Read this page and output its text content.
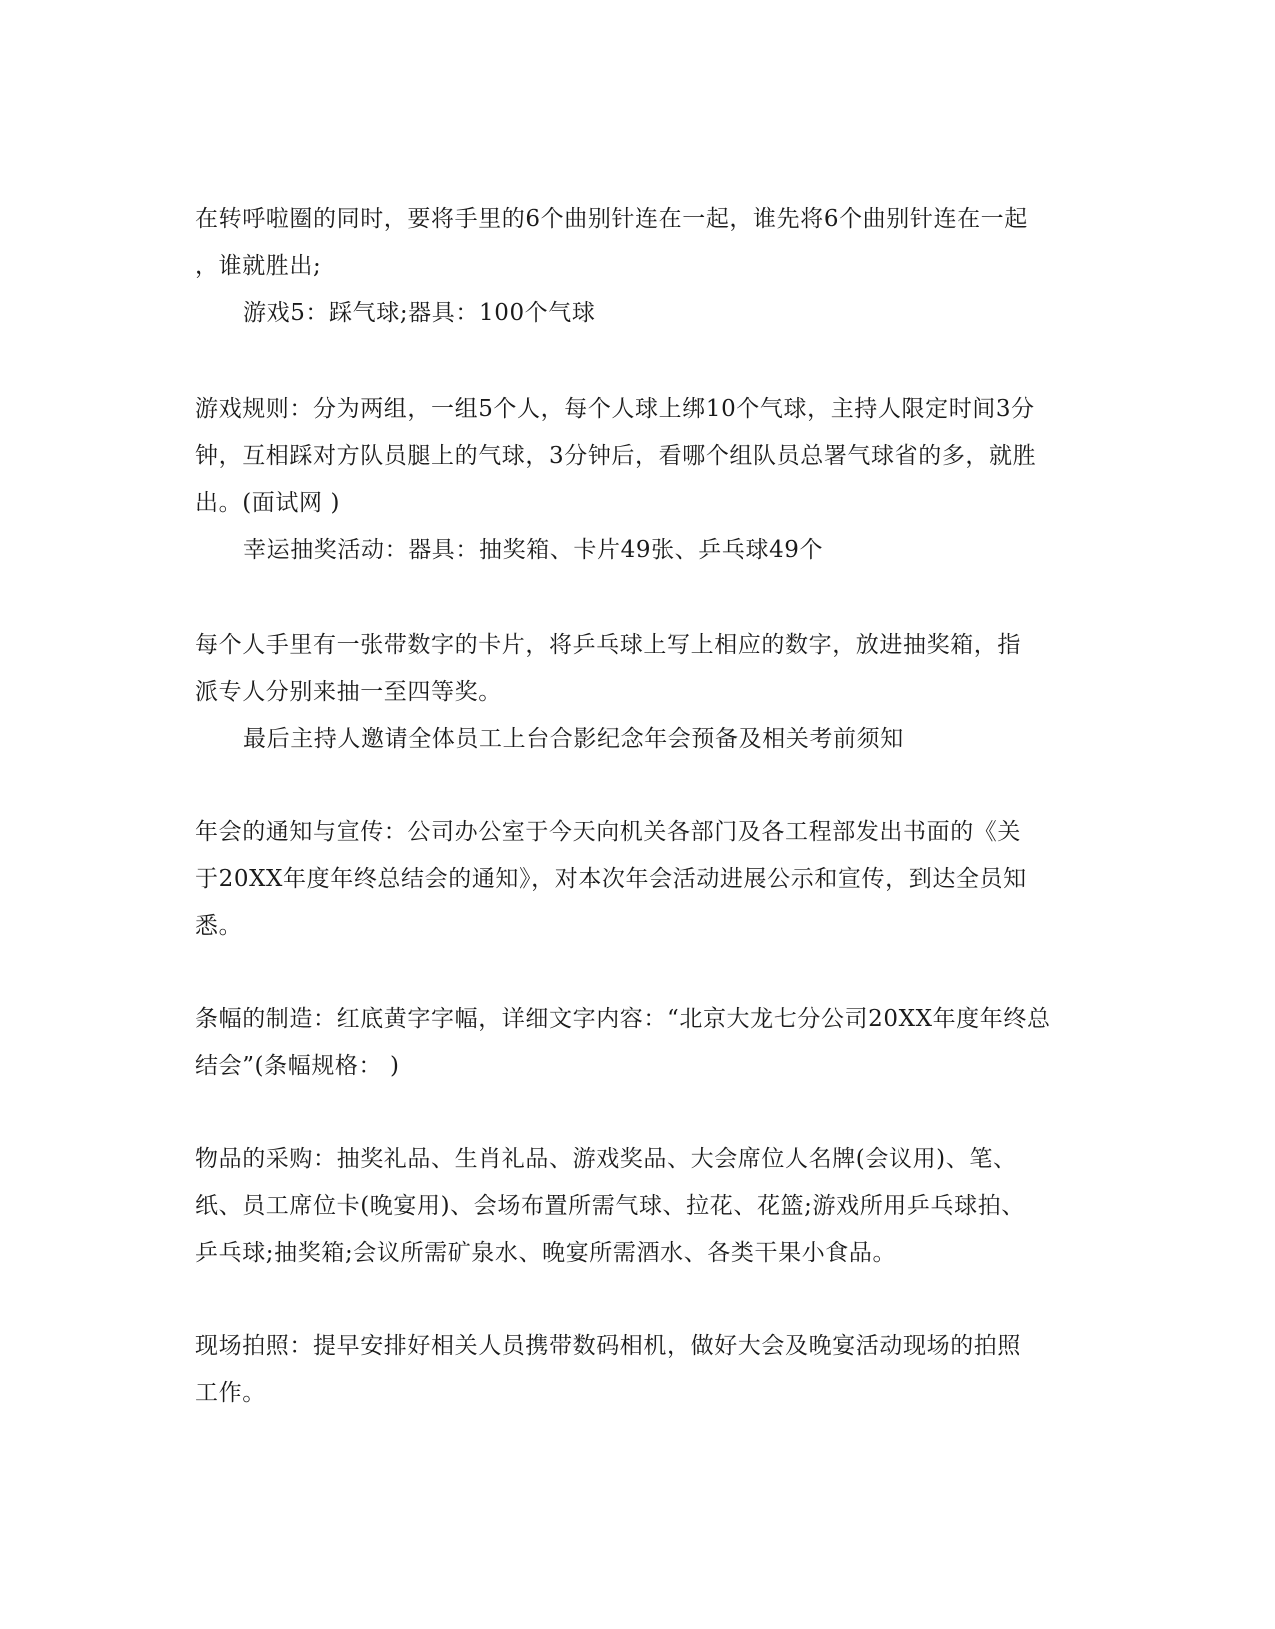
在转呼啦圈的同时，要将手里的6个曲别针连在一起，谁先将6个曲别针连在一起
，谁就胜出;
游戏5：踩气球;器具：100个气球
游戏规则：分为两组，一组5个人，每个人球上绑10个气球，主持人限定时间3分
钟，互相踩对方队员腿上的气球，3分钟后，看哪个组队员总署气球省的多，就胜
出。(面试网 )
幸运抽奖活动：器具：抽奖箱、卡片49张、乒乓球49个
每个人手里有一张带数字的卡片，将乒乓球上写上相应的数字，放进抽奖箱，指
派专人分别来抽一至四等奖。
最后主持人邀请全体员工上台合影纪念年会预备及相关考前须知
年会的通知与宣传：公司办公室于今天向机关各部门及各工程部发出书面的《关
于20XX年度年终总结会的通知》，对本次年会活动进展公示和宣传，到达全员知
悉。
条幅的制造：红底黄字字幅，详细文字内容：“北京大龙七分公司20XX年度年终总
结会”(条幅规格： )
物品的采购：抽奖礼品、生肖礼品、游戏奖品、大会席位人名牌(会议用)、笔、
纸、员工席位卡(晚宴用)、会场布置所需气球、拉花、花篮;游戏所用乒乓球拍、
乒乓球;抽奖箱;会议所需矿泉水、晚宴所需酒水、各类干果小食品。
现场拍照：提早安排好相关人员携带数码相机，做好大会及晚宴活动现场的拍照
工作。
